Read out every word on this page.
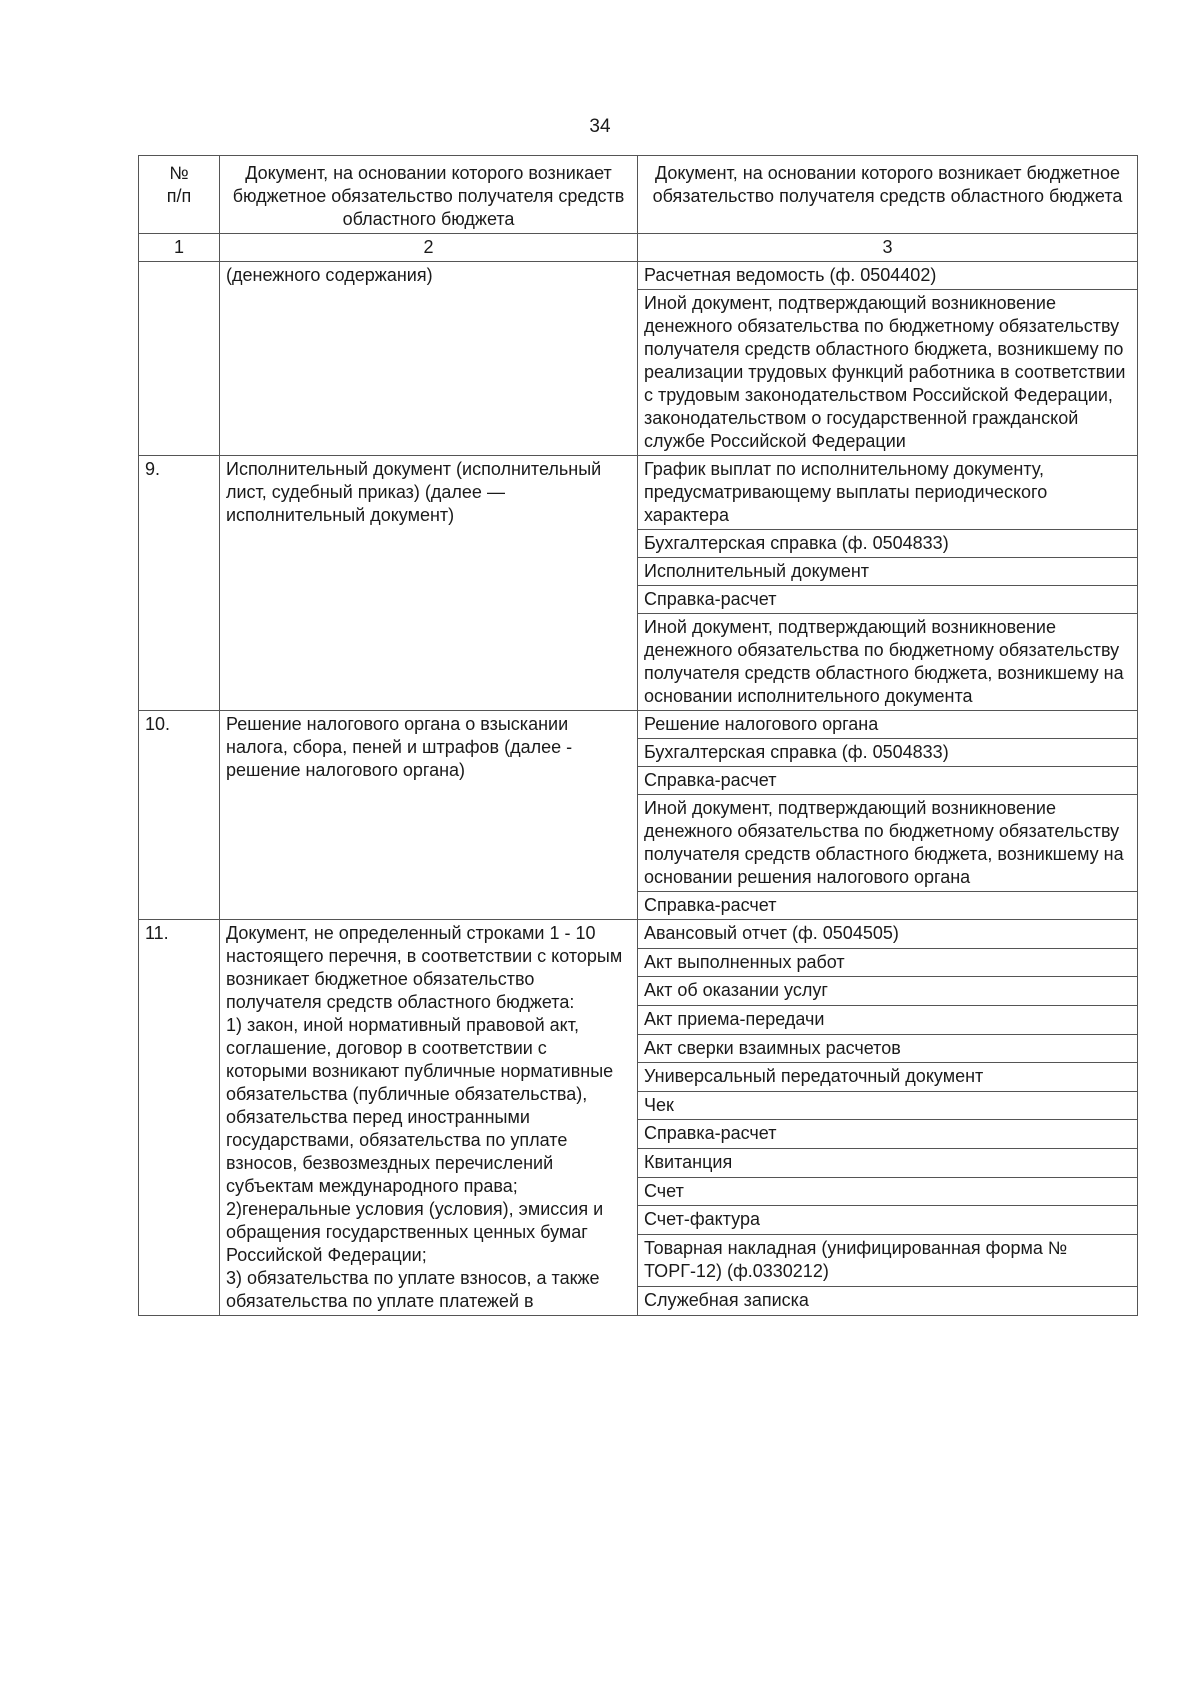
34
№
п/п	Документ, на основании которого возникает бюджетное обязательство получателя средств областного бюджета	Документ, на основании которого возникает бюджетное обязательство получателя средств областного бюджета
1	2	3
	(денежного содержания)	Расчетная ведомость (ф. 0504402)
		Иной документ, подтверждающий возникновение денежного обязательства по бюджетному обязательству получателя средств областного бюджета, возникшему по реализации трудовых функций работника в соответствии с трудовым законодательством Российской Федерации, законодательством о государственной гражданской службе Российской Федерации
9.	Исполнительный документ (исполнительный лист, судебный приказ) (далее — исполнительный документ)	График выплат по исполнительному документу, предусматривающему выплаты периодического характера
		Бухгалтерская справка (ф. 0504833)
		Исполнительный документ
		Справка-расчет
		Иной документ, подтверждающий возникновение денежного обязательства по бюджетному обязательству получателя средств областного бюджета, возникшему на основании исполнительного документа
10.	Решение налогового органа о взыскании налога, сбора, пеней и штрафов (далее - решение налогового органа)	Решение налогового органа
		Бухгалтерская справка (ф. 0504833)
		Справка-расчет
		Иной документ, подтверждающий возникновение денежного обязательства по бюджетному обязательству получателя средств областного бюджета, возникшему на основании решения налогового органа
		Справка-расчет
11.	Документ, не определенный строками 1 - 10 настоящего перечня, в соответствии с которым возникает бюджетное обязательство получателя средств областного бюджета:
1) закон, иной нормативный правовой акт, соглашение, договор в соответствии с которыми возникают публичные нормативные обязательства (публичные обязательства), обязательства перед иностранными государствами, обязательства по уплате взносов, безвозмездных перечислений субъектам международного права;
2)генеральные условия (условия), эмиссия и обращения государственных ценных бумаг Российской Федерации;
3) обязательства по уплате взносов, а также обязательства по уплате платежей в	Авансовый отчет (ф. 0504505)
		Акт выполненных работ
		Акт об оказании услуг
		Акт приема-передачи
		Акт сверки взаимных расчетов
		Универсальный передаточный документ
		Чек
		Справка-расчет
		Квитанция
		Счет
		Счет-фактура
		Товарная накладная (унифицированная форма № ТОРГ-12) (ф.0330212)
		Служебная записка
